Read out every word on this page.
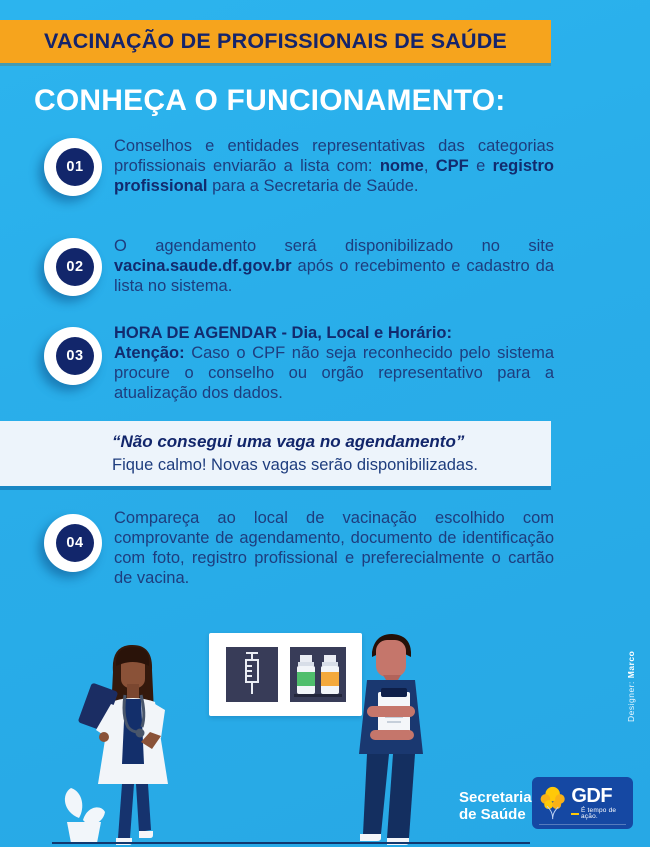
VACINAÇÃO DE PROFISSIONAIS DE SAÚDE
CONHEÇA O FUNCIONAMENTO:
01

Conselhos e entidades representativas das categorias profissionais enviarão a lista com: nome, CPF e registro profissional para a Secretaria de Saúde.

02

O agendamento será disponibilizado no site vacina.saude.df.gov.br após o recebimento e cadastro da lista no sistema.

03

HORA DE AGENDAR - Dia, Local e Horário:
Atenção: Caso o CPF não seja reconhecido pelo sistema procure o conselho ou orgão representativo para a atualização dos dados.

“Não consegui uma vaga no agendamento”
Fique calmo! Novas vagas serão disponibilizadas.
04

Compareça ao local de vacinação escolhido com comprovante de agendamento, documento de identificação com foto, registro profissional e preferecialmente o cartão de vacina.

Designer: Marco
Secretaria
de Saúde
GDF
É tempo de ação.
